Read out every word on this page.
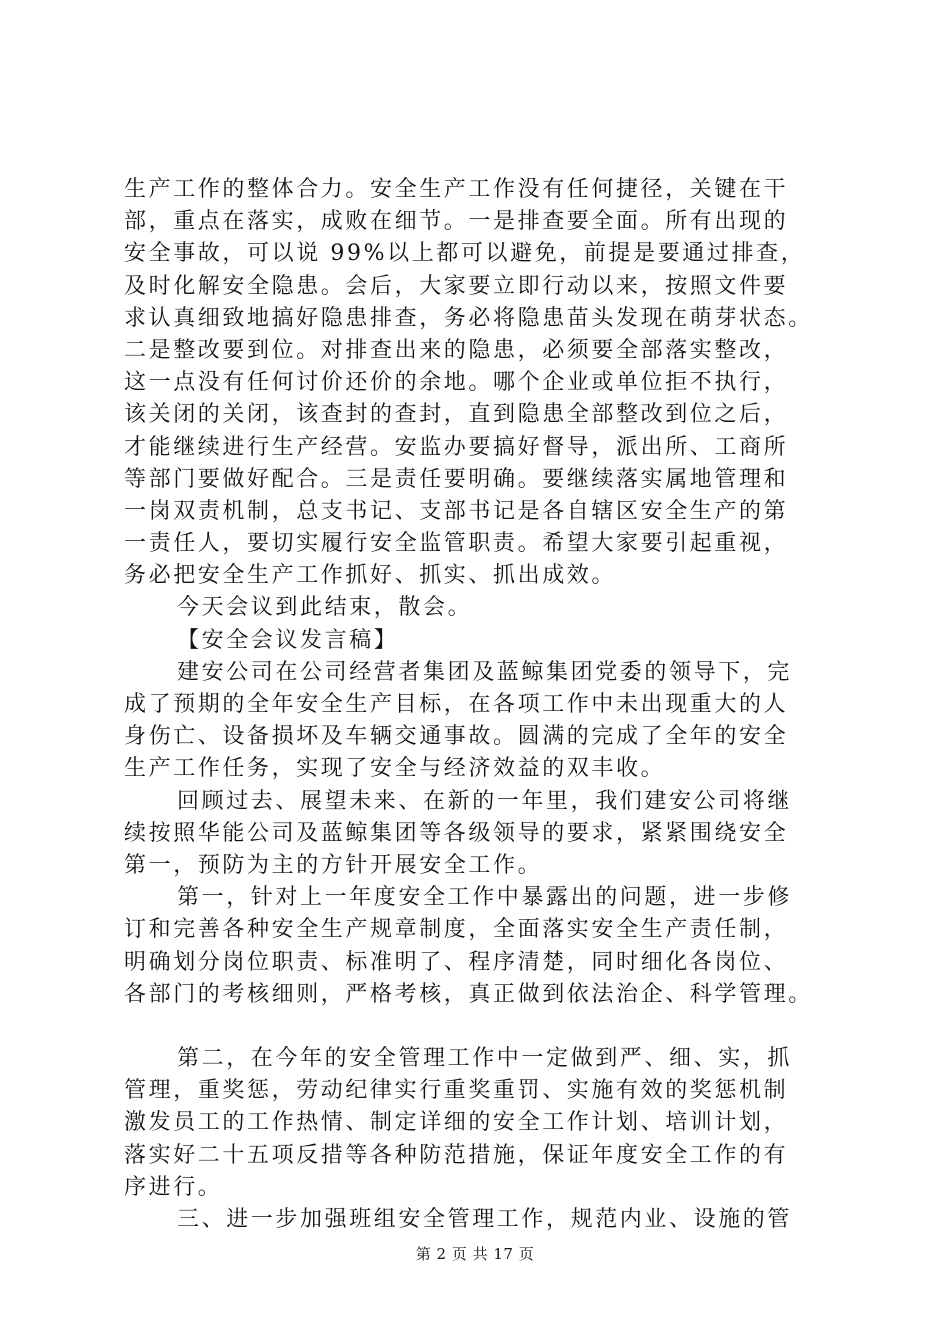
生产工作的整体合力。安全生产工作没有任何捷径，关键在干
部，重点在落实，成败在细节。一是排查要全面。所有出现的
安全事故，可以说 99%以上都可以避免，前提是要通过排查，
及时化解安全隐患。会后，大家要立即行动以来，按照文件要
求认真细致地搞好隐患排查，务必将隐患苗头发现在萌芽状态。
二是整改要到位。对排查出来的隐患，必须要全部落实整改，
这一点没有任何讨价还价的余地。哪个企业或单位拒不执行，
该关闭的关闭，该查封的查封，直到隐患全部整改到位之后，
才能继续进行生产经营。安监办要搞好督导，派出所、工商所
等部门要做好配合。三是责任要明确。要继续落实属地管理和
一岗双责机制，总支书记、支部书记是各自辖区安全生产的第
一责任人，要切实履行安全监管职责。希望大家要引起重视，
务必把安全生产工作抓好、抓实、抓出成效。
今天会议到此结束，散会。
【安全会议发言稿】
建安公司在公司经营者集团及蓝鲸集团党委的领导下，完
成了预期的全年安全生产目标，在各项工作中未出现重大的人
身伤亡、设备损坏及车辆交通事故。圆满的完成了全年的安全
生产工作任务，实现了安全与经济效益的双丰收。
回顾过去、展望未来、在新的一年里，我们建安公司将继
续按照华能公司及蓝鲸集团等各级领导的要求，紧紧围绕安全
第一，预防为主的方针开展安全工作。
第一，针对上一年度安全工作中暴露出的问题，进一步修
订和完善各种安全生产规章制度，全面落实安全生产责任制，
明确划分岗位职责、标准明了、程序清楚，同时细化各岗位、
各部门的考核细则，严格考核，真正做到依法治企、科学管理。
第二，在今年的安全管理工作中一定做到严、细、实，抓
管理，重奖惩，劳动纪律实行重奖重罚、实施有效的奖惩机制
激发员工的工作热情、制定详细的安全工作计划、培训计划，
落实好二十五项反措等各种防范措施，保证年度安全工作的有
序进行。
三、进一步加强班组安全管理工作，规范内业、设施的管
第 2 页 共 17 页
